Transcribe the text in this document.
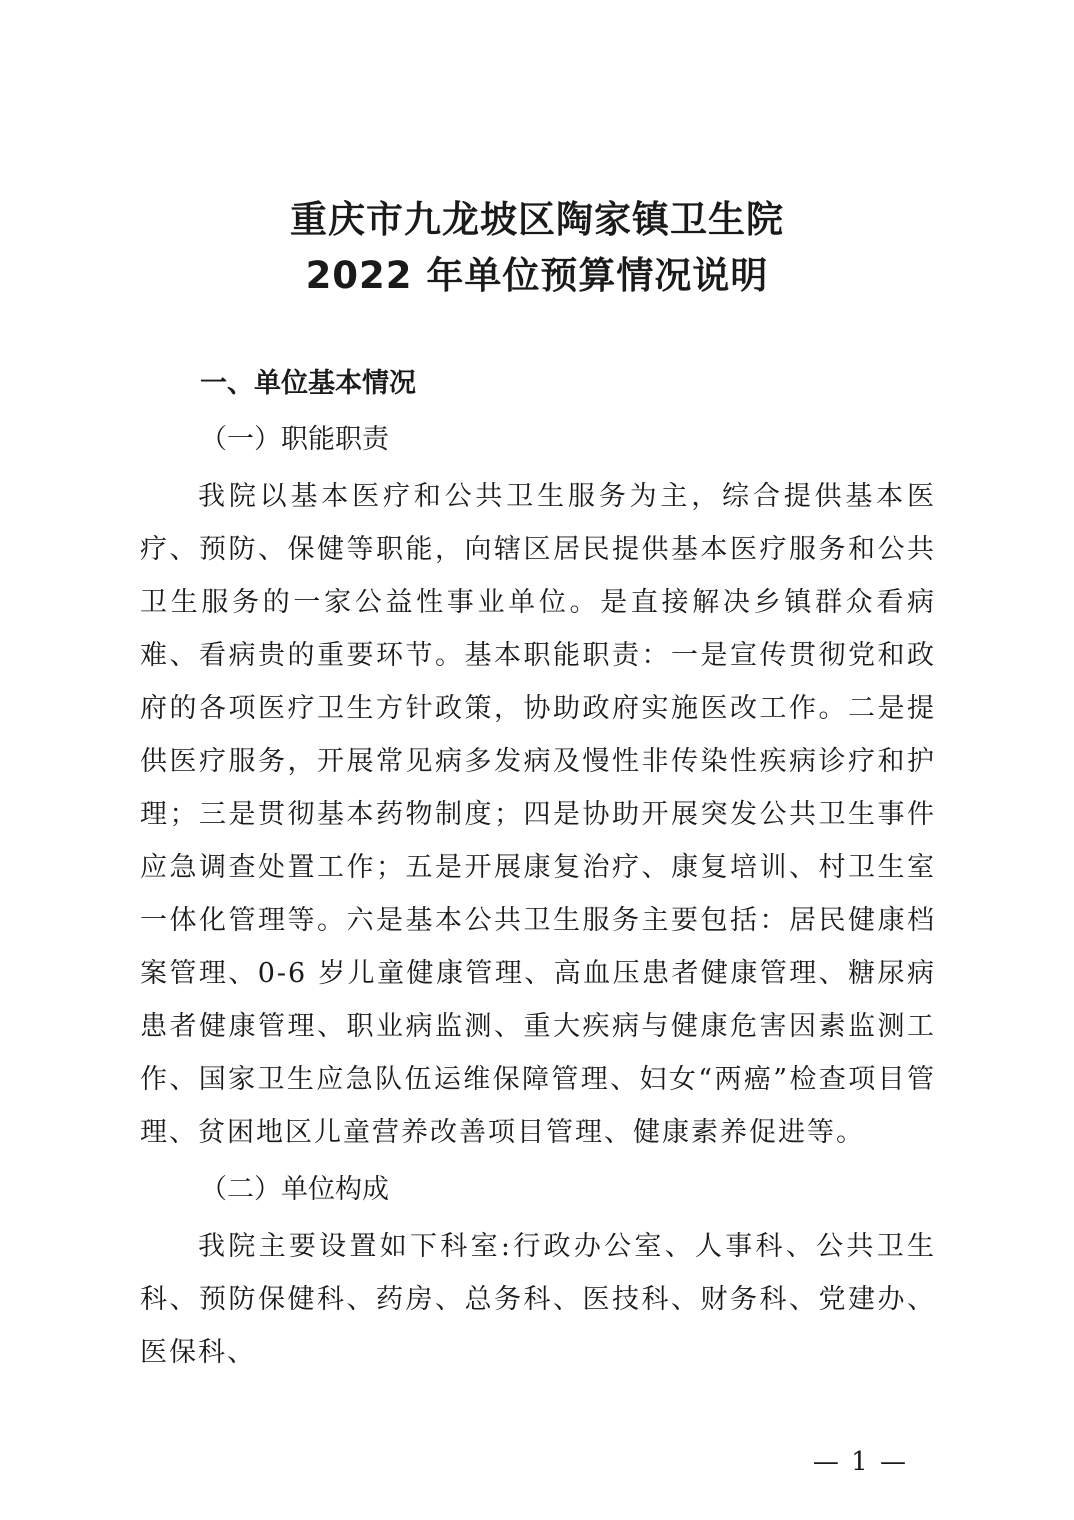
重庆市九龙坡区陶家镇卫生院
2022 年单位预算情况说明
一、单位基本情况
（一）职能职责

我院以基本医疗和公共卫生服务为主，综合提供基本医疗、预防、保健等职能，向辖区居民提供基本医疗服务和公共卫生服务的一家公益性事业单位。是直接解决乡镇群众看病难、看病贵的重要环节。基本职能职责：一是宣传贯彻党和政府的各项医疗卫生方针政策，协助政府实施医改工作。二是提供医疗服务，开展常见病多发病及慢性非传染性疾病诊疗和护理；三是贯彻基本药物制度；四是协助开展突发公共卫生事件应急调查处置工作；五是开展康复治疗、康复培训、村卫生室一体化管理等。六是基本公共卫生服务主要包括：居民健康档案管理、0-6 岁儿童健康管理、高血压患者健康管理、糖尿病患者健康管理、职业病监测、重大疾病与健康危害因素监测工作、国家卫生应急队伍运维保障管理、妇女“两癌”检查项目管理、贫困地区儿童营养改善项目管理、健康素养促进等。

（二）单位构成

我院主要设置如下科室:行政办公室、人事科、公共卫生科、预防保健科、药房、总务科、医技科、财务科、党建办、医保科、

— 1 —
